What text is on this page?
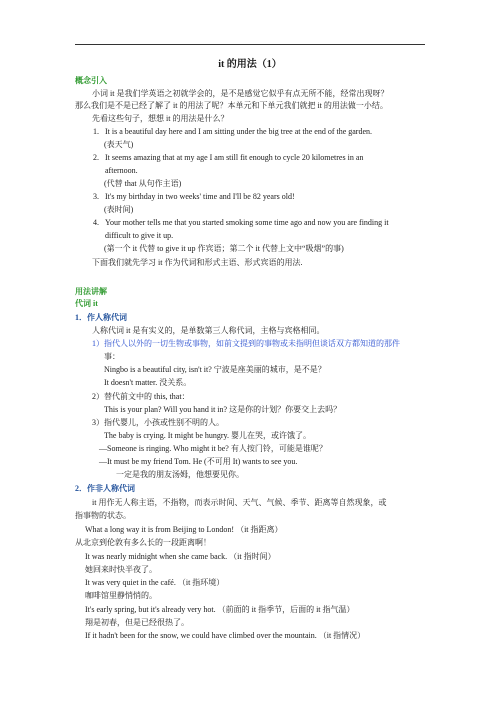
it 的用法（1）
概念引入
小词 it 是我们学英语之初就学会的，是不是感觉它似乎有点无所不能，经常出现呀？
那么我们是不是已经了解了 it 的用法了呢？本单元和下单元我们就把 it 的用法做一小结。
先看这些句子，想想 it 的用法是什么？
1. It is a beautiful day here and I am sitting under the big tree at the end of the garden.
(表天气)
2. It seems amazing that at my age I am still fit enough to cycle 20 kilometres in an
afternoon.
(代替 that 从句作主语)
3. It's my birthday in two weeks' time and I'll be 82 years old!
(表时间)
4. Your mother tells me that you started smoking some time ago and now you are finding it
difficult to give it up.
(第一个 it 代替 to give it up 作宾语；第二个 it 代替上文中“吸烟”的事)
下面我们就先学习 it 作为代词和形式主语、形式宾语的用法.
用法讲解
代词 it
1．作人称代词
人称代词 it 是有实义的，是单数第三人称代词，主格与宾格相同。
1）指代人以外的一切生物或事物，如前文提到的事物或未指明但谈话双方都知道的那件
事：
Ningbo is a beautiful city, isn't it? 宁波是座美丽的城市，是不是？
It doesn't matter. 没关系。
2）替代前文中的 this, that：
This is your plan? Will you hand it in? 这是你的计划？你要交上去吗？
3）指代婴儿，小孩或性别不明的人。
The baby is crying. It might be hungry. 婴儿在哭，或许饿了。
—Someone is ringing. Who might it be? 有人按门铃，可能是谁呢？
—It must be my friend Tom. He (不可用 It) wants to see you.
一定是我的朋友汤姆，他想要见你。
2．作非人称代词
it 用作无人称主语，不指物，而表示时间、天气、气候、季节、距离等自然现象，或
指事物的状态。
What a long way it is from Beijing to London! （it 指距离）
从北京到伦敦有多么长的一段距离啊！
It was nearly midnight when she came back. （it 指时间）
她回来时快半夜了。
It was very quiet in the café. （it 指环境）
咖啡馆里静悄悄的。
It's early spring, but it's already very hot. （前面的 it 指季节，后面的 it 指气温）
翔是初春，但是已经很热了。
If it hadn't been for the snow, we could have climbed over the mountain. （it 指情况）
